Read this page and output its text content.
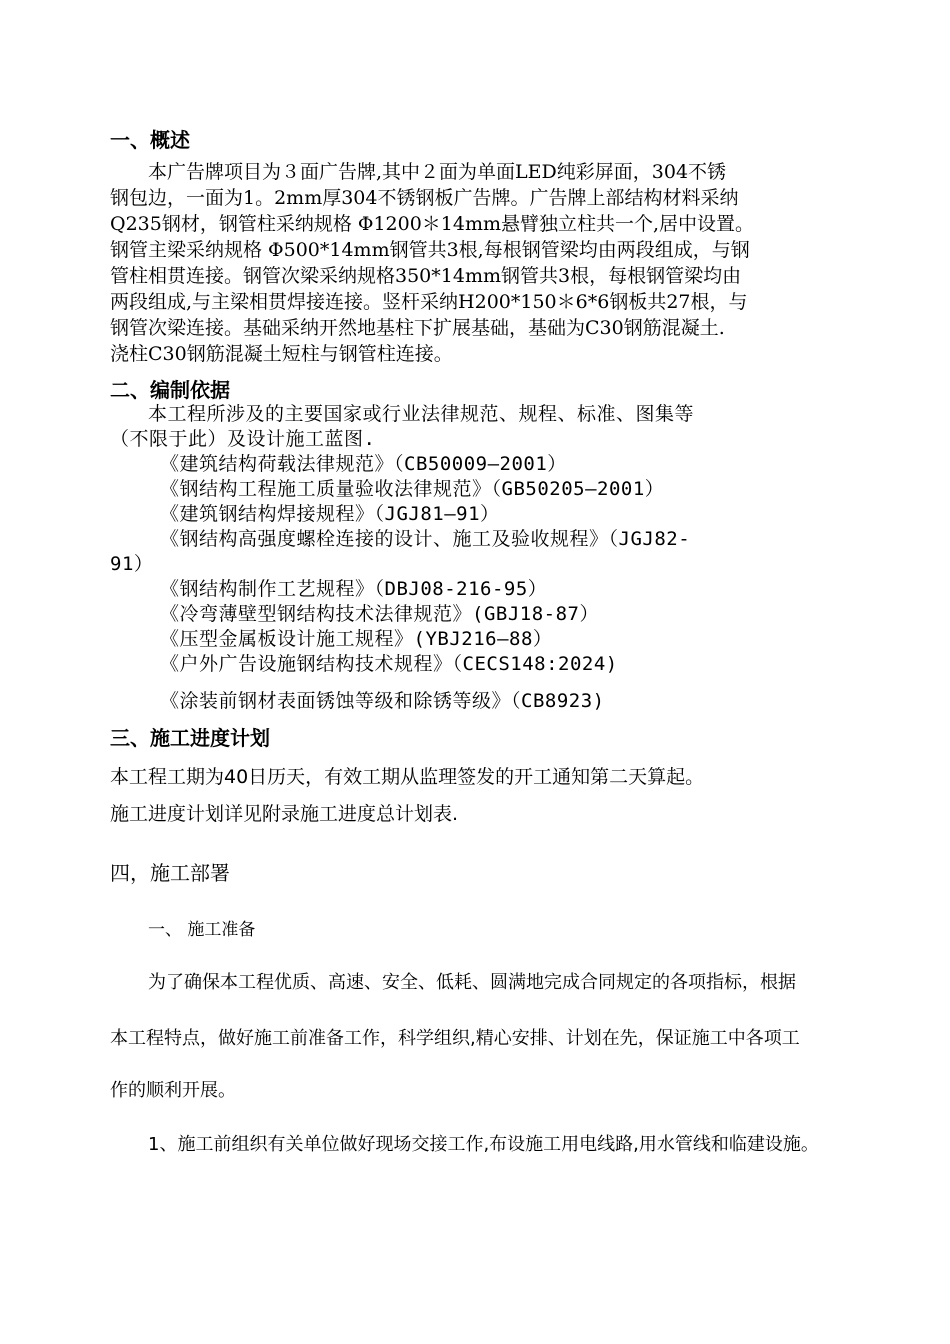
一、概述
本广告牌项目为３面广告牌,其中２面为单面LED纯彩屏面，304不锈
钢包边，一面为1。2mm厚304不锈钢板广告牌。广告牌上部结构材料采纳
Q235钢材，钢管柱采纳规格 Φ1200＊14mm悬臂独立柱共一个,居中设置。
钢管主梁采纳规格 Φ500*14mm钢管共3根,每根钢管梁均由两段组成，与钢
管柱相贯连接。钢管次梁采纳规格350*14mm钢管共3根，每根钢管梁均由
两段组成,与主梁相贯焊接连接。竖杆采纳H200*150＊6*6钢板共27根，与
钢管次梁连接。基础采纳开然地基柱下扩展基础，基础为C30钢筋混凝土.
浇柱C30钢筋混凝土短柱与钢管柱连接。
二、编制依据
本工程所涉及的主要国家或行业法律规范、规程、标准、图集等
（不限于此）及设计施工蓝图.
《建筑结构荷载法律规范》（CB50009—2001）
《钢结构工程施工质量验收法律规范》（GB50205—2001）
《建筑钢结构焊接规程》（JGJ81—91）
《钢结构高强度螺栓连接的设计、施工及验收规程》（JGJ82-
91）
《钢结构制作工艺规程》（DBJ08-216-95）
《冷弯薄壁型钢结构技术法律规范》(GBJ18-87）
《压型金属板设计施工规程》(YBJ216—88）
《户外广告设施钢结构技术规程》（CECS148:2024)
《涂装前钢材表面锈蚀等级和除锈等级》（CB8923)
三、施工进度计划
本工程工期为40日历天，有效工期从监理签发的开工通知第二天算起。
施工进度计划详见附录施工进度总计划表.
四，施工部署
一、 施工准备
为了确保本工程优质、高速、安全、低耗、圆满地完成合同规定的各项指标，根据
本工程特点，做好施工前准备工作，科学组织,精心安排、计划在先，保证施工中各项工
作的顺利开展。
1、施工前组织有关单位做好现场交接工作,布设施工用电线路,用水管线和临建设施。
